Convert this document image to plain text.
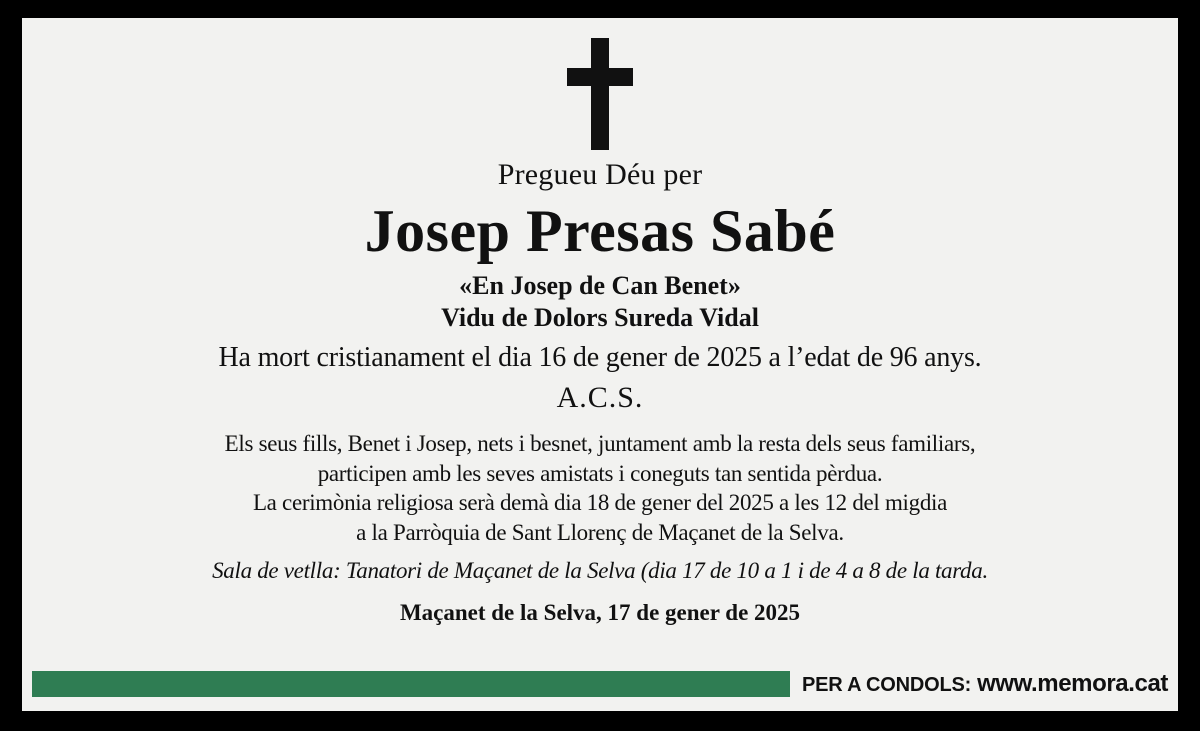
Pregueu Déu per
Josep Presas Sabé
«En Josep de Can Benet»
Vidu de Dolors Sureda Vidal
Ha mort cristianament el dia 16 de gener de 2025 a l’edat de 96 anys.
A.C.S.
Els seus fills, Benet i Josep, nets i besnet, juntament amb la resta dels seus familiars,
participen amb les seves amistats i coneguts tan sentida pèrdua.
La cerimònia religiosa serà demà dia 18 de gener del 2025 a les 12 del migdia
a la Parròquia de Sant Llorenç de Maçanet de la Selva.
Sala de vetlla: Tanatori de Maçanet de la Selva (dia 17 de 10 a 1 i de 4 a 8 de la tarda.
Maçanet de la Selva, 17 de gener de 2025
PER A CONDOLS: www.memora.cat
